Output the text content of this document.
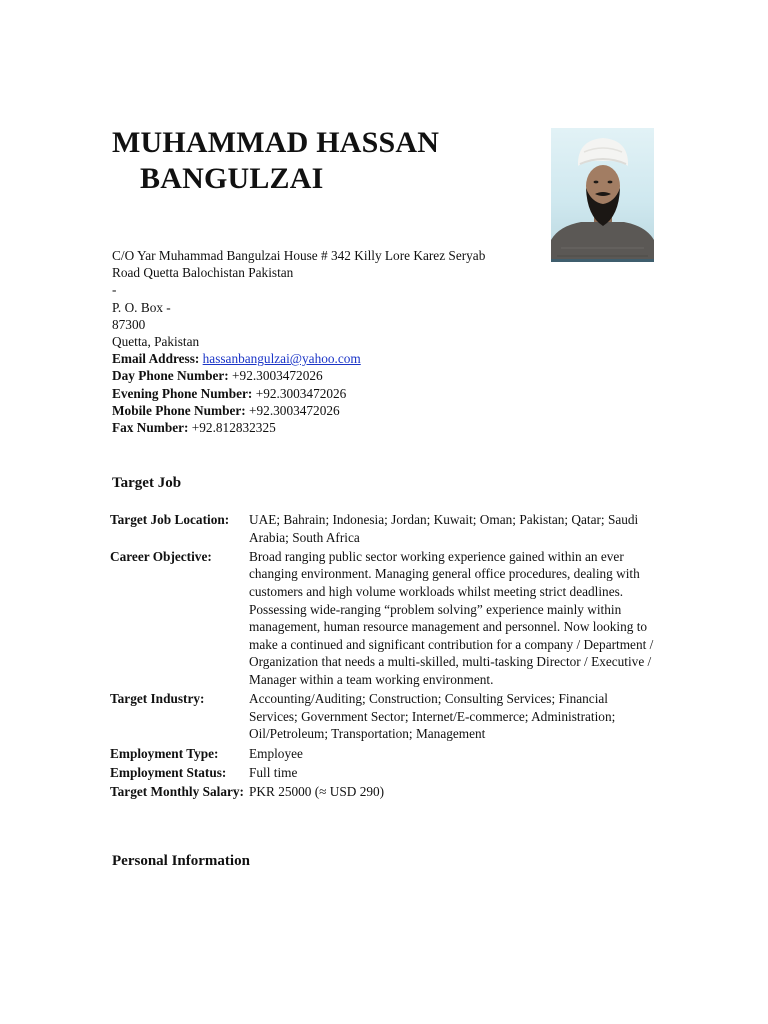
MUHAMMAD HASSAN
BANGULZAI
C/O Yar Muhammad Bangulzai House # 342 Killy Lore Karez Seryab
Road Quetta Balochistan Pakistan
-
P. O. Box -
87300
Quetta, Pakistan
Email Address: hassanbangulzai@yahoo.com
Day Phone Number: +92.3003472026
Evening Phone Number: +92.3003472026
Mobile Phone Number: +92.3003472026
Fax Number: +92.812832325
Target Job
Target Job Location:	UAE; Bahrain; Indonesia; Jordan; Kuwait; Oman; Pakistan; Qatar; Saudi Arabia; South Africa
Career Objective:	Broad ranging public sector working experience gained within an ever changing environment. Managing general office procedures, dealing with customers and high volume workloads whilst meeting strict deadlines. Possessing wide-ranging “problem solving” experience mainly within management, human resource management and personnel. Now looking to make a continued and significant contribution for a company / Department / Organization that needs a multi-skilled, multi-tasking Director / Executive / Manager within a team working environment.
Target Industry:	Accounting/Auditing; Construction; Consulting Services; Financial Services; Government Sector; Internet/E-commerce; Administration; Oil/Petroleum; Transportation; Management
Employment Type:	Employee
Employment Status:	Full time
Target Monthly Salary: PKR 25000 (≈ USD 290)
Personal Information
